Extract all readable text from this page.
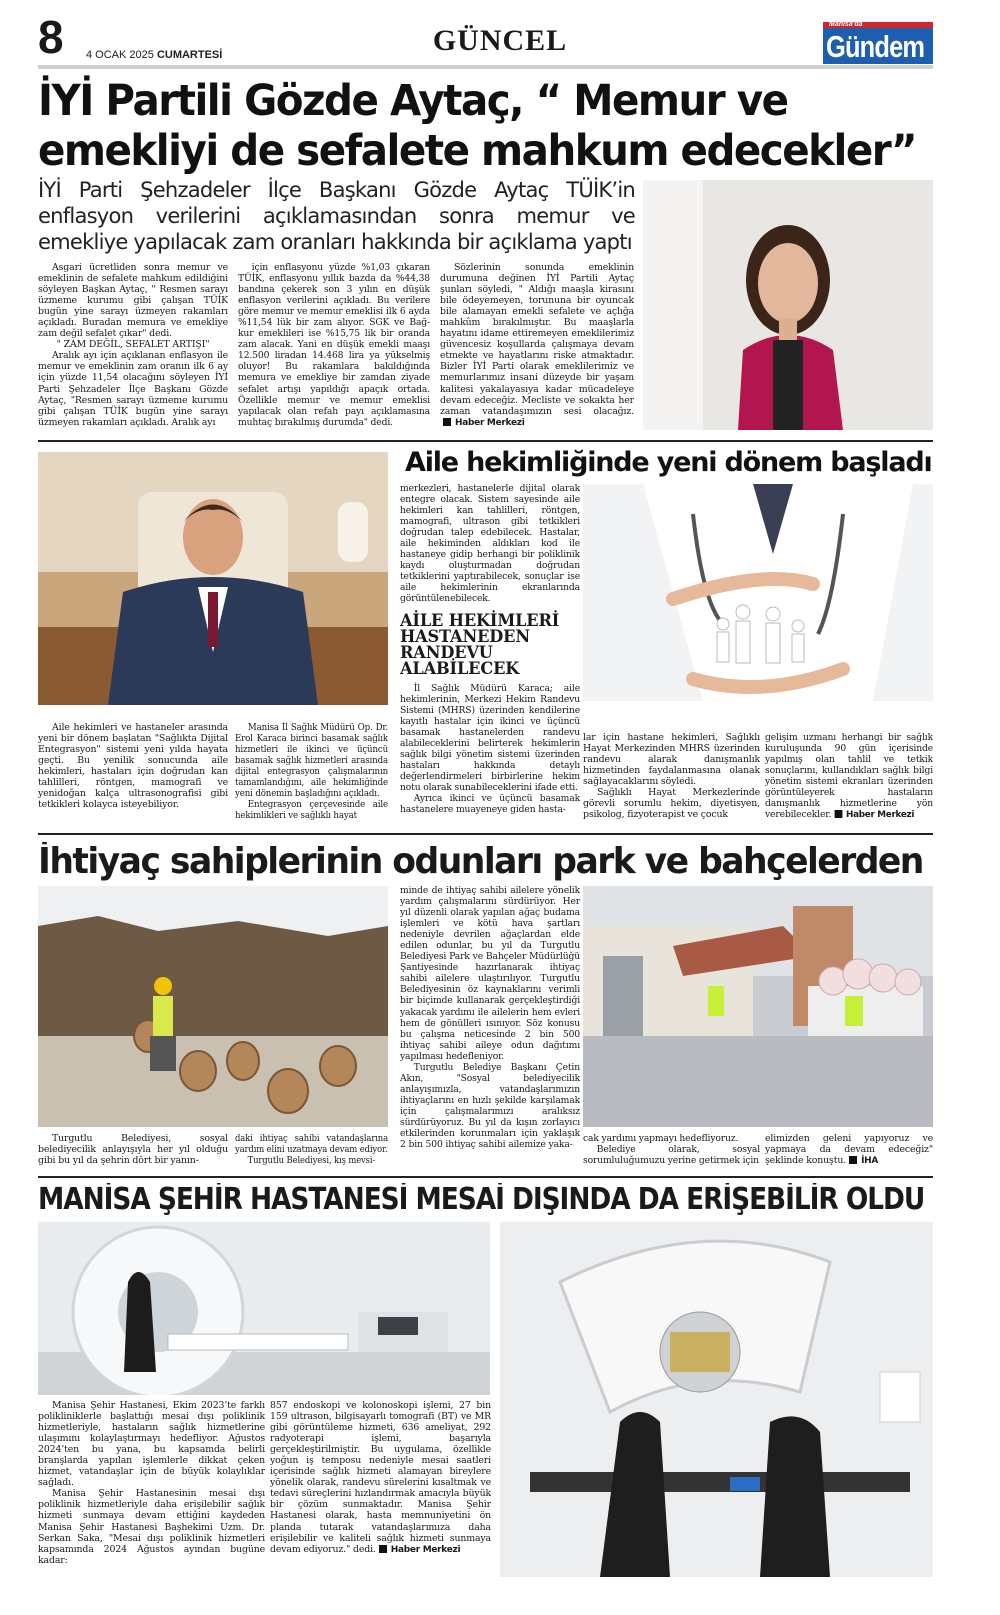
8 4 OCAK 2025 CUMARTESİ	GÜNCEL	Manisa'da
Gündem
İYİ Partili Gözde Aytaç, “ Memur ve emekliyi de sefalete mahkum edecekler”
İYİ Parti Şehzadeler İlçe Başkanı Gözde Aytaç TÜİK’in enflasyon verilerini açıklamasından sonra memur ve emekliye yapılacak zam oranları hakkında bir açıklama yaptı

Asgari ücretliden sonra memur ve emeklinin de sefalete mahkum edildiğini söyleyen Başkan Aytaç, " Resmen sarayı üzmeme kurumu gibi çalışan TÜİK bugün yine sarayı üzmeyen rakamları açıkladı. Buradan memura ve emekliye zam değil sefalet çıkar" dedi.

" ZAM DEĞİL, SEFALET ARTIŞI"

Aralık ayı için açıklanan enflasyon ile memur ve emeklinin zam oranın ilk 6 ay için yüzde 11,54 olacağını söyleyen İYİ Parti Şehzadeler İlçe Başkanı Gözde Aytaç, "Resmen sarayı üzmeme kurumu gibi çalışan TÜİK bugün yine sarayı üzmeyen rakamları açıkladı. Aralık ayı

için enflasyonu yüzde %1,03 çıkaran TÜİK, enflasyonu yıllık bazda da %44,38 bandına çekerek son 3 yılın en düşük enflasyon verilerini açıkladı. Bu verilere göre memur ve memur emeklisi ilk 6 ayda %11,54 lük bir zam alıyor. SGK ve Bağ-kur emeklileri ise %15,75 lik bir oranda zam alacak. Yani en düşük emekli maaşı 12.500 liradan 14.468 lira ya yükselmiş oluyor! Bu rakamlara bakıldığında memura ve emekliye bir zamdan ziyade sefalet artışı yapıldığı apaçık ortada. Özellikle memur ve memur emeklisi yapılacak olan refah payı açıklamasına muhtaç bırakılmış durumda" dedi.

Sözlerinin sonunda emeklinin durumuna değinen İYİ Partili Aytaç şunları söyledi, " Aldığı maaşla kirasını bile ödeyemeyen, torununa bir oyuncak bile alamayan emekli sefalete ve açlığa mahkûm bırakılmıştır. Bu maaşlarla hayatını idame ettiremeyen emeklilerimiz güvencesiz koşullarda çalışmaya devam etmekte ve hayatlarını riske atmaktadır. Bizler İYİ Parti olarak emeklilerimiz ve memurlarımız insani düzeyde bir yaşam kalitesi yakalayasıya kadar mücadeleye devam edeceğiz. Mecliste ve sokakta her zaman vatandaşımızın sesi olacağız.Haber Merkezi

Aile hekimliğinde yeni dönem başladı

Aile hekimleri ve hastaneler arasında yeni bir dönem başlatan "Sağlıkta Dijital Entegrasyon" sistemi yeni yılda hayata geçti. Bu yenilik sonucunda aile hekimleri, hastaları için doğrudan kan tahlilleri, röntgen, mamografi ve yenidoğan kalça ultrasonografisi gibi tetkikleri kolayca isteyebiliyor.

Manisa İl Sağlık Müdürü Op. Dr. Erol Karaca birinci basamak sağlık hizmetleri ile ikinci ve üçüncü basamak sağlık hizmetleri arasında dijital entegrasyon çalışmalarının tamamlandığını, aile hekimliğinde yeni dönemin başladığını açıkladı.

Entegrasyon çerçevesinde aile hekimlikleri ve sağlıklı hayat

merkezleri, hastanelerle dijital olarak entegre olacak. Sistem sayesinde aile hekimleri kan tahlilleri, röntgen, mamografi, ultrason gibi tetkikleri doğrudan talep edebilecek. Hastalar, aile hekiminden aldıkları kod ile hastaneye gidip herhangi bir poliklinik kaydı oluşturmadan doğrudan tetkiklerini yaptırabilecek, sonuçlar ise aile hekimlerinin ekranlarında görüntülenebilecek.

AİLE HEKİMLERİ HASTANEDEN RANDEVU ALABİLECEK

İl Sağlık Müdürü Karaca; aile hekimlerinin, Merkezi Hekim Randevu Sistemi (MHRS) üzerinden kendilerine kayıtlı hastalar için ikinci ve üçüncü basamak hastanelerden randevu alabileceklerini belirterek hekimlerin sağlık bilgi yönetim sistemi üzerinden hastaları hakkında detaylı değerlendirmeleri birbirlerine hekim notu olarak sunabileceklerini ifade etti.

Ayrıca ikinci ve üçüncü basamak hastanelere muayeneye giden hasta-

lar için hastane hekimleri, Sağlıklı Hayat Merkezinden MHRS üzerinden randevu alarak danışmanlık hizmetinden faydalanmasına olanak sağlayacaklarını söyledi.

Sağlıklı Hayat Merkezlerinde görevli sorumlu hekim, diyetisyen, psikolog, fizyoterapist ve çocuk

gelişim uzmanı herhangi bir sağlık kuruluşunda 90 gün içerisinde yapılmış olan tahlil ve tetkik sonuçlarını, kullandıkları sağlık bilgi yönetim sistemi ekranları üzerinden görüntüleyerek hastaların danışmanlık hizmetlerine yön verebilecekler. Haber Merkezi

İhtiyaç sahiplerinin odunları park ve bahçelerden

minde de ihtiyaç sahibi ailelere yönelik yardım çalışmalarını sürdürüyor. Her yıl düzenli olarak yapılan ağaç budama işlemleri ve kötü hava şartları nedeniyle devrilen ağaçlardan elde edilen odunlar, bu yıl da Turgutlu Belediyesi Park ve Bahçeler Müdürlüğü Şantiyesinde hazırlanarak ihtiyaç sahibi ailelere ulaştırılıyor. Turgutlu Belediyesinin öz kaynaklarını verimli bir biçimde kullanarak gerçekleştirdiği yakacak yardımı ile ailelerin hem evleri hem de gönülleri ısınıyor. Söz konusu bu çalışma neticesinde 2 bin 500 ihtiyaç sahibi aileye odun dağıtımı yapılması hedefleniyor.

Turgutlu Belediye Başkanı Çetin Akın, "Sosyal belediyecilik anlayışımızla, vatandaşlarımızın ihtiyaçlarını en hızlı şekilde karşılamak için çalışmalarımızı aralıksız sürdürüyoruz. Bu yıl da kışın zorlayıcı etkilerinden korunmaları için yaklaşık 2 bin 500 ihtiyaç sahibi ailemize yaka-

Turgutlu Belediyesi, sosyal belediyecilik anlayışıyla her yıl olduğu gibi bu yıl da şehrin dört bir yanın-

daki ihtiyaç sahibi vatandaşlarına yardım elini uzatmaya devam ediyor.

Turgutlu Belediyesi, kış mevsi-

cak yardımı yapmayı hedefliyoruz.

Belediye olarak, sosyal sorumluluğumuzu yerine getirmek için

elimizden geleni yapıyoruz ve yapmaya da devam edeceğiz" şeklinde konuştu. İHA

MANİSA ŞEHİR HASTANESİ MESAİ DIŞINDA DA ERİŞEBİLİR OLDU

Manisa Şehir Hastanesi, Ekim 2023’te farklı polikliniklerle başlattığı mesai dışı poliklinik hizmetleriyle, hastaların sağlık hizmetlerine ulaşımını kolaylaştırmayı hedefliyor. Ağustos 2024’ten bu yana, bu kapsamda belirli branşlarda yapılan işlemlerle dikkat çeken hizmet, vatandaşlar için de büyük kolaylıklar sağladı.

Manisa Şehir Hastanesinin mesai dışı poliklinik hizmetleriyle daha erişilebilir sağlık hizmeti sunmaya devam ettiğini kaydeden Manisa Şehir Hastanesi Başhekimi Uzm. Dr. Serkan Saka, "Mesai dışı poliklinik hizmetleri kapsamında 2024 Ağustos ayından bugüne kadar:

857 endoskopi ve kolonoskopi işlemi, 27 bin 159 ultrason, bilgisayarlı tomografi (BT) ve MR gibi görüntüleme hizmeti, 636 ameliyat, 292 radyoterapi işlemi, başarıyla gerçekleştirilmiştir. Bu uygulama, özellikle yoğun iş temposu nedeniyle mesai saatleri içerisinde sağlık hizmeti alamayan bireylere yönelik olarak, randevu sürelerini kısaltmak ve tedavi süreçlerini hızlandırmak amacıyla büyük bir çözüm sunmaktadır. Manisa Şehir Hastanesi olarak, hasta memnuniyetini ön planda tutarak vatandaşlarımıza daha erişilebilir ve kaliteli sağlık hizmeti sunmaya devam ediyoruz." dedi. Haber Merkezi
